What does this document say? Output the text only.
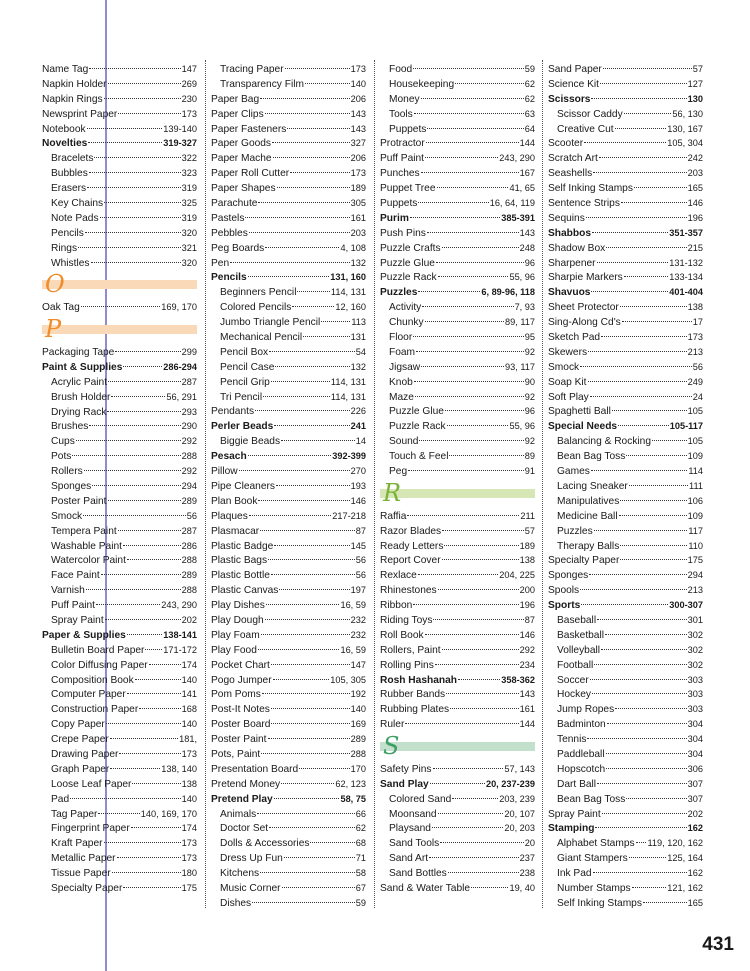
Name Tag	147
Napkin Holder	269
Napkin Rings	230
Newsprint Paper	173
Notebook	139-140
Novelties	319-327
Bracelets	322
Bubbles	323
Erasers	319
Key Chains	325
Note Pads	319
Pencils	320
Rings	321
Whistles	320
O
Oak Tag	169, 170
P
Packaging Tape	299
Paint & Supplies	286-294
Acrylic Paint	287
Brush Holder	56, 291
Drying Rack	293
Brushes	290
Cups	292
Pots	288
Rollers	292
Sponges	294
Poster Paint	289
Smock	56
Tempera Paint	287
Washable Paint	286
Watercolor Paint	288
Face Paint	289
Varnish	288
Puff Paint	243, 290
Spray Paint	202
Paper & Supplies	138-141
Bulletin Board Paper 171-172
Color Diffusing Paper	174
Composition Book	140
Computer Paper	141
Construction Paper	168
Copy Paper	140
Crepe Paper	181,
Drawing Paper	173
Graph Paper	138, 140
Loose Leaf Paper	138
Pad	140
Tag Paper	140, 169, 170
Fingerprint Paper	174
Kraft Paper	173
Metallic Paper	173
Tissue Paper	180
Specialty Paper	175
Tracing Paper	173
Transparency Film	140
Paper Bag	206
Paper Clips	143
Paper Fasteners	143
Paper Goods	327
Paper Mache	206
Paper Roll Cutter	173
Paper Shapes	189
Parachute	305
Pastels	161
Pebbles	203
Peg Boards	4, 108
Pen	132
Pencils	131, 160
Beginners Pencil	114, 131
Colored Pencils	12, 160
Jumbo Triangle Pencil	113
Mechanical Pencil	131
Pencil Box	54
Pencil Case	132
Pencil Grip	114, 131
Tri Pencil	114, 131
Pendants	226
Perler Beads	241
Biggie Beads	14
Pesach	392-399
Pillow	270
Pipe Cleaners	193
Plan Book	146
Plaques	217-218
Plasmacar	87
Plastic Badge	145
Plastic Bags	56
Plastic Bottle	56
Plastic Canvas	197
Play Dishes	16, 59
Play Dough	232
Play Foam	232
Play Food	16, 59
Pocket Chart	147
Pogo Jumper	105, 305
Pom Poms	192
Post-It Notes	140
Poster Board	169
Poster Paint	289
Pots, Paint	288
Presentation Board	170
Pretend Money	62, 123
Pretend Play	58, 75
Animals	66
Doctor Set	62
Dolls & Accessories	68
Dress Up Fun	71
Kitchens	58
Music Corner	67
Dishes	59
Food	59
Housekeeping	62
Money	62
Tools	63
Puppets	64
Protractor	144
Puff Paint	243, 290
Punches	167
Puppet Tree	41, 65
Puppets	16, 64, 119
Purim	385-391
Push Pins	143
Puzzle Crafts	248
Puzzle Glue	96
Puzzle Rack	55, 96
Puzzles	6, 89-96, 118
Activity	7, 93
Chunky	89, 117
Floor	95
Foam	92
Jigsaw	93, 117
Knob	90
Maze	92
Puzzle Glue	96
Puzzle Rack	55, 96
Sound	92
Touch & Feel	89
Peg	91
R
Raffia	211
Razor Blades	57
Ready Letters	189
Report Cover	138
Rexlace	204, 225
Rhinestones	200
Ribbon	196
Riding Toys	87
Roll Book	146
Rollers, Paint	292
Rolling Pins	234
Rosh Hashanah	358-362
Rubber Bands	143
Rubbing Plates	161
Ruler	144
S
Safety Pins	57, 143
Sand Play	20, 237-239
Colored Sand	203, 239
Moonsand	20, 107
Playsand	20, 203
Sand Tools	20
Sand Art	237
Sand Bottles	238
Sand & Water Table	19, 40
Sand Paper	57
Science Kit	127
Scissors	130
Scissor Caddy	56, 130
Creative Cut	130, 167
Scooter	105, 304
Scratch Art	242
Seashells	203
Self Inking Stamps	165
Sentence Strips	146
Sequins	196
Shabbos	351-357
Shadow Box	215
Sharpener	131-132
Sharpie Markers	133-134
Shavuos	401-404
Sheet Protector	138
Sing-Along Cd's	17
Sketch Pad	173
Skewers	213
Smock	56
Soap Kit	249
Soft Play	24
Spaghetti Ball	105
Special Needs	105-117
Balancing & Rocking	105
Bean Bag Toss	109
Games	114
Lacing Sneaker	111
Manipulatives	106
Medicine Ball	109
Puzzles	117
Therapy Balls	110
Specialty Paper	175
Sponges	294
Spools	213
Sports	300-307
Baseball	301
Basketball	302
Volleyball	302
Football	302
Soccer	303
Hockey	303
Jump Ropes	303
Badminton	304
Tennis	304
Paddleball	304
Hopscotch	306
Dart Ball	307
Bean Bag Toss	307
Spray Paint	202
Stamping	162
Alphabet Stamps 119, 120, 162
Giant Stampers	125, 164
Ink Pad	162
Number Stamps	121, 162
Self Inking Stamps	165
431
